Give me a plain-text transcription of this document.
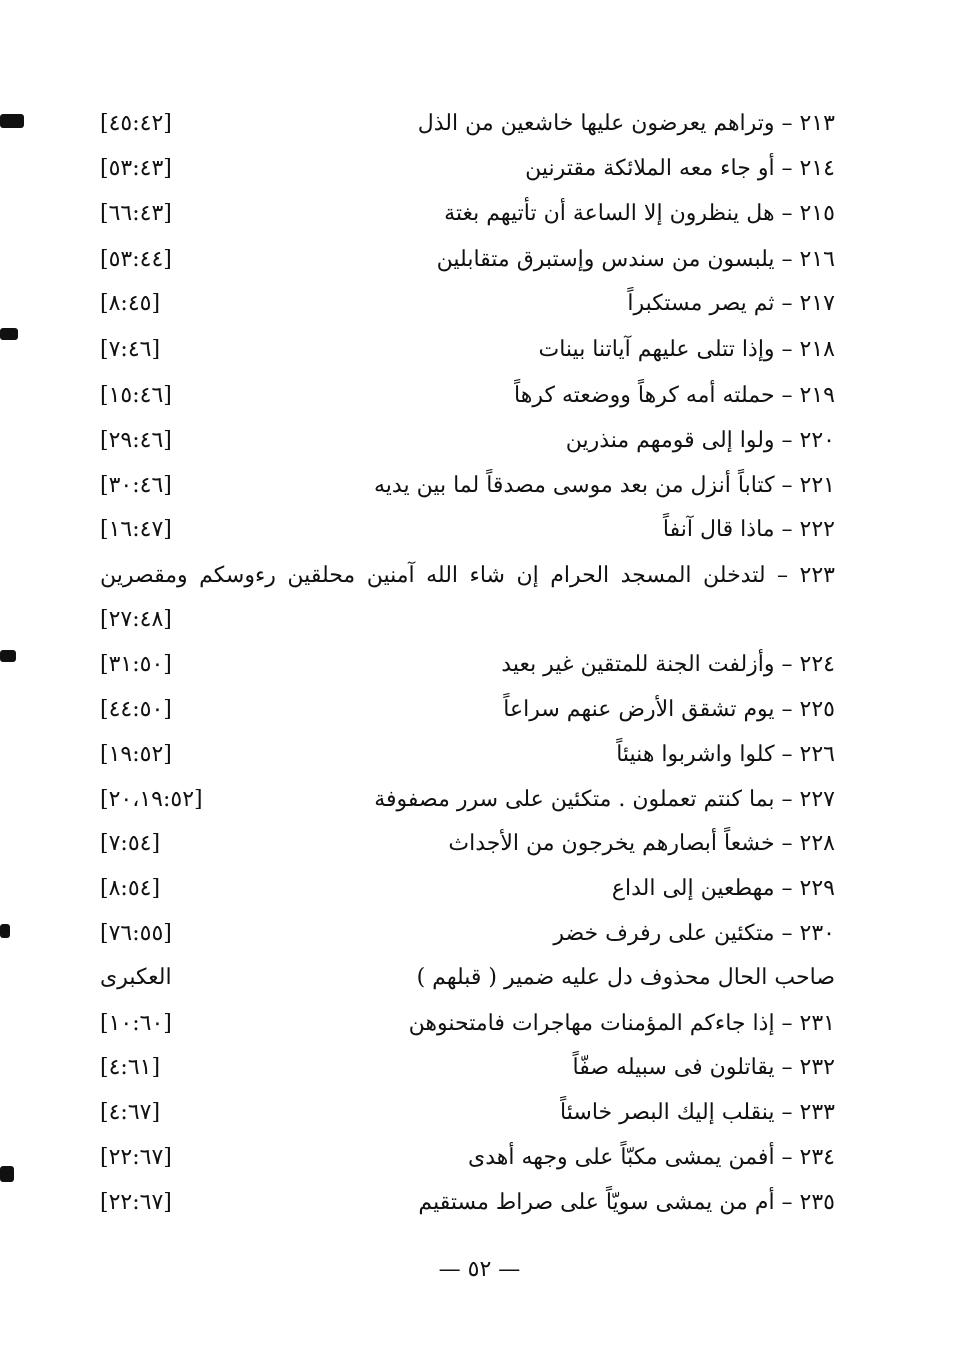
٢١٣ – وتراهم يعرضون عليها خاشعين من الذل
[٤٥:٤٢]
٢١٤ – أو جاء معه الملائكة مقترنين
[٥٣:٤٣]
٢١٥ – هل ينظرون إلا الساعة أن تأتيهم بغتة
[٦٦:٤٣]
٢١٦ – يلبسون من سندس وإستبرق متقابلين
[٥٣:٤٤]
٢١٧ – ثم يصر مستكبراً
[٨:٤٥]
٢١٨ – وإذا تتلى عليهم آياتنا بينات
[٧:٤٦]
٢١٩ – حملته أمه كرهاً ووضعته كرهاً
[١٥:٤٦]
٢٢٠ – ولوا إلى قومهم منذرين
[٢٩:٤٦]
٢٢١ – كتاباً أنزل من بعد موسى مصدقاً لما بين يديه
[٣٠:٤٦]
٢٢٢ – ماذا قال آنفاً
[١٦:٤٧]
٢٢٣ – لتدخلن المسجد الحرام إن شاء الله آمنين محلقين رءوسكم ومقصرين
[٢٧:٤٨]
٢٢٤ – وأزلفت الجنة للمتقين غير بعيد
[٣١:٥٠]
٢٢٥ – يوم تشقق الأرض عنهم سراعاً
[٤٤:٥٠]
٢٢٦ – كلوا واشربوا هنيئاً
[١٩:٥٢]
٢٢٧ – بما كنتم تعملون . متكئين على سرر مصفوفة
[٢٠،١٩:٥٢]
٢٢٨ – خشعاً أبصارهم يخرجون من الأجداث
[٧:٥٤]
٢٢٩ – مهطعين إلى الداع
[٨:٥٤]
٢٣٠ – متكئين على رفرف خضر
[٧٦:٥٥]
صاحب الحال محذوف دل عليه ضمير ( قبلهم )
العكبرى
٢٣١ – إذا جاءكم المؤمنات مهاجرات فامتحنوهن
[١٠:٦٠]
٢٣٢ – يقاتلون فى سبيله صفّاً
[٤:٦١]
٢٣٣ – ينقلب إليك البصر خاسئاً
[٤:٦٧]
٢٣٤ – أفمن يمشى مكبّاً على وجهه أهدى
[٢٢:٦٧]
٢٣٥ – أم من يمشى سويّاً على صراط مستقيم
[٢٢:٦٧]
— ٥٢ —
